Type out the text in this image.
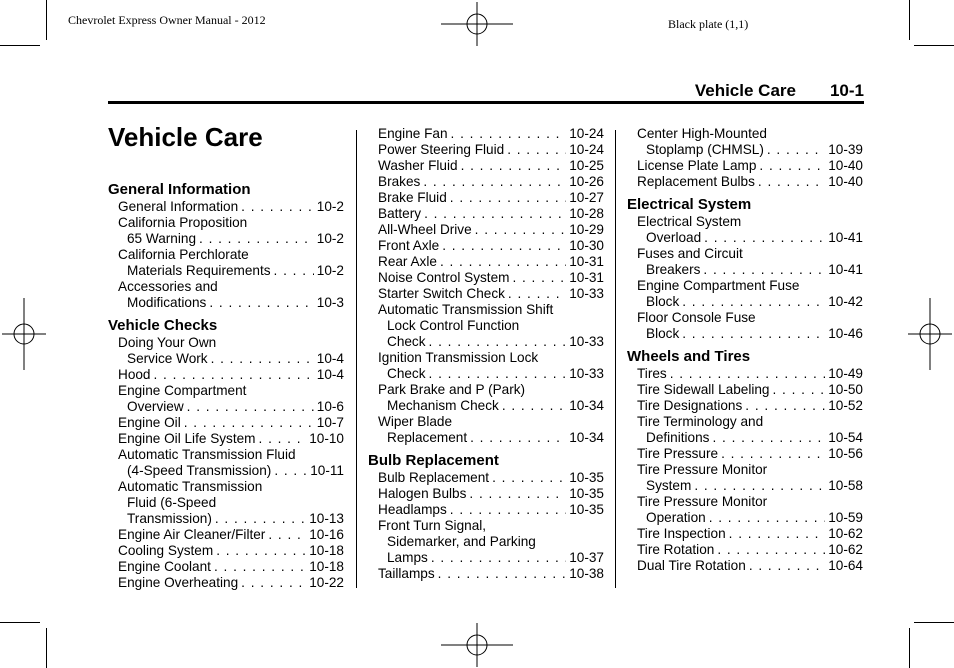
Chevrolet Express Owner Manual - 2012	Black plate (1,1)
Vehicle Care 10-1
Vehicle Care
General Information
General Information . . .	10-2
California Proposition
65 Warning . . .	10-2
California Perchlorate
Materials Requirements . . .	10-2
Accessories and
Modifications . . .	10-3
Vehicle Checks
Doing Your Own
Service Work . . .	10-4
Hood . . .	10-4
Engine Compartment
Overview . . .	10-6
Engine Oil . . .	10-7
Engine Oil Life System . . .	10-10
Automatic Transmission Fluid
(4-Speed Transmission) . . .	10-11
Automatic Transmission
Fluid (6-Speed
Transmission) . . .	10-13
Engine Air Cleaner/Filter . . .	10-16
Cooling System . . .	10-18
Engine Coolant . . .	10-18
Engine Overheating . . .	10-22
Engine Fan . . .	10-24
Power Steering Fluid . . .	10-24
Washer Fluid . . .	10-25
Brakes . . .	10-26
Brake Fluid . . .	10-27
Battery . . .	10-28
All-Wheel Drive . . .	10-29
Front Axle . . .	10-30
Rear Axle . . .	10-31
Noise Control System . . .	10-31
Starter Switch Check . . .	10-33
Automatic Transmission Shift
Lock Control Function
Check . . .	10-33
Ignition Transmission Lock
Check . . .	10-33
Park Brake and P (Park)
Mechanism Check . . .	10-34
Wiper Blade
Replacement . . .	10-34
Bulb Replacement
Bulb Replacement . . .	10-35
Halogen Bulbs . . .	10-35
Headlamps . . .	10-35
Front Turn Signal,
Sidemarker, and Parking
Lamps . . .	10-37
Taillamps . . .	10-38
Center High-Mounted
Stoplamp (CHMSL) . . .	10-39
License Plate Lamp . . .	10-40
Replacement Bulbs . . .	10-40
Electrical System
Electrical System
Overload . . .	10-41
Fuses and Circuit
Breakers . . .	10-41
Engine Compartment Fuse
Block . . .	10-42
Floor Console Fuse
Block . . .	10-46
Wheels and Tires
Tires . . .	10-49
Tire Sidewall Labeling . . .	10-50
Tire Designations . . .	10-52
Tire Terminology and
Definitions . . .	10-54
Tire Pressure . . .	10-56
Tire Pressure Monitor
System . . .	10-58
Tire Pressure Monitor
Operation . . .	10-59
Tire Inspection . . .	10-62
Tire Rotation . . .	10-62
Dual Tire Rotation . . .	10-64
